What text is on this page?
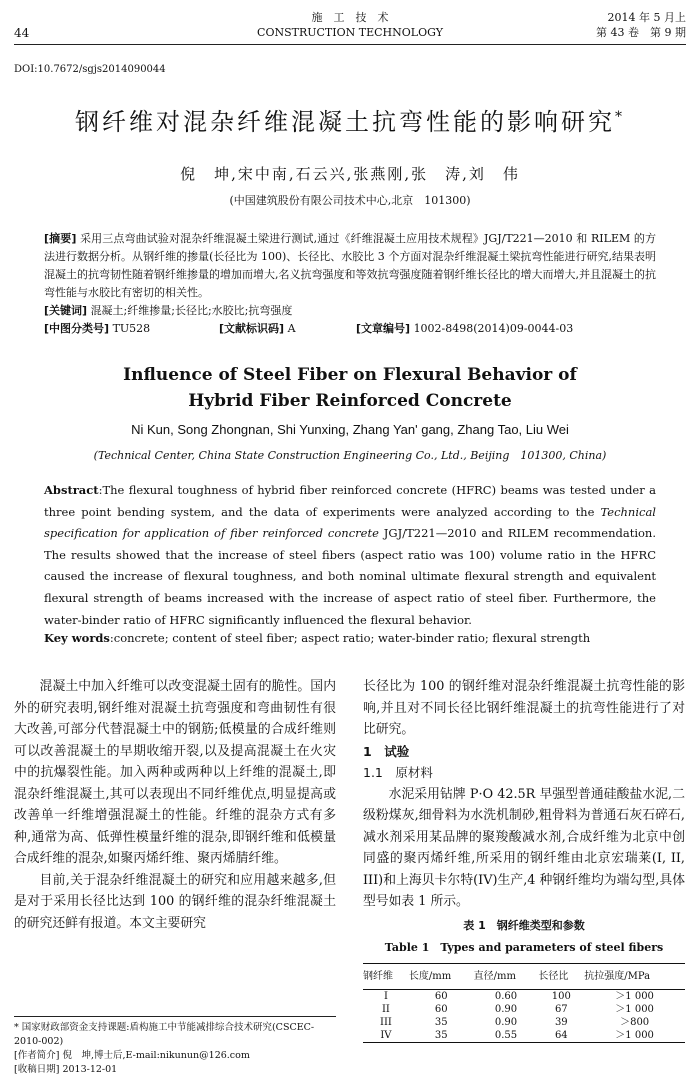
44
施　工　技　术
CONSTRUCTION TECHNOLOGY
2014 年 5 月上
第 43 卷　第 9 期
DOI:10.7672/sgjs2014090044
钢纤维对混杂纤维混凝土抗弯性能的影响研究*
倪　坤,宋中南,石云兴,张燕刚,张　涛,刘　伟
(中国建筑股份有限公司技术中心,北京　101300)
[摘要] 采用三点弯曲试验对混杂纤维混凝土梁进行测试,通过《纤维混凝土应用技术规程》JGJ/T221—2010 和 RILEM 的方法进行数据分析。从钢纤维的掺量(长径比为 100)、长径比、水胶比 3 个方面对混杂纤维混凝土梁抗弯性能进行研究,结果表明混凝土的抗弯韧性随着钢纤维掺量的增加而增大,名义抗弯强度和等效抗弯强度随着钢纤维长径比的增大而增大,并且混凝土的抗弯性能与水胶比有密切的相关性。
[关键词] 混凝土;纤维掺量;长径比;水胶比;抗弯强度
[中图分类号] TU528	[文献标识码] A	[文章编号] 1002-8498(2014)09-0044-03
Influence of Steel Fiber on Flexural Behavior of
Hybrid Fiber Reinforced Concrete
Ni Kun, Song Zhongnan, Shi Yunxing, Zhang Yan' gang, Zhang Tao, Liu Wei
(Technical Center, China State Construction Engineering Co., Ltd., Beijing　101300, China)
Abstract:The flexural toughness of hybrid fiber reinforced concrete (HFRC) beams was tested under a three point bending system, and the data of experiments were analyzed according to the Technical specification for application of fiber reinforced concrete JGJ/T221—2010 and RILEM recommendation. The results showed that the increase of steel fibers (aspect ratio was 100) volume ratio in the HFRC caused the increase of flexural toughness, and both nominal ultimate flexural strength and equivalent flexural strength of beams increased with the increase of aspect ratio of steel fiber. Furthermore, the water-binder ratio of HFRC significantly influenced the flexural behavior.
Key words:concrete; content of steel fiber; aspect ratio; water-binder ratio; flexural strength

混凝土中加入纤维可以改变混凝土固有的脆性。国内外的研究表明,钢纤维对混凝土抗弯强度和弯曲韧性有很大改善,可部分代替混凝土中的钢筋;低模量的合成纤维则可以改善混凝土的早期收缩开裂,以及提高混凝土在火灾中的抗爆裂性能。加入两种或两种以上纤维的混凝土,即混杂纤维混凝土,其可以表现出不同纤维优点,明显提高或改善单一纤维增强混凝土的性能。纤维的混杂方式有多种,通常为高、低弹性模量纤维的混杂,即钢纤维和低模量合成纤维的混杂,如聚丙烯纤维、聚丙烯腈纤维。

目前,关于混杂纤维混凝土的研究和应用越来越多,但是对于采用长径比达到 100 的钢纤维的混杂纤维混凝土的研究还鲜有报道。本文主要研究

长径比为 100 的钢纤维对混杂纤维混凝土抗弯性能的影响,并且对不同长径比钢纤维混凝土的抗弯性能进行了对比研究。

1　试验
1.1　原材料

水泥采用钻牌 P·O 42.5R 早强型普通硅酸盐水泥,二级粉煤灰,细骨料为水洗机制砂,粗骨料为普通石灰石碎石,减水剂采用某品牌的聚羧酸减水剂,合成纤维为北京中创同盛的聚丙烯纤维,所采用的钢纤维由北京宏瑞莱(I, II, III)和上海贝卡尔特(IV)生产,4 种钢纤维均为端勾型,具体型号如表 1 所示。

表 1　钢纤维类型和参数
Table 1　Types and parameters of steel fibers
钢纤维	长度/mm	直径/mm	长径比	抗拉强度/MPa
I	60	0.60	100	＞1 000
II	60	0.90	67	＞1 000
III	35	0.90	39	＞800
IV	35	0.55	64	＞1 000
* 国家财政部资金支持课题:盾构施工中节能减排综合技术研究(CSCEC-2010-002)
[作者简介] 倪　坤,博士后,E-mail:nikunun@126.com
[收稿日期] 2013-12-01
